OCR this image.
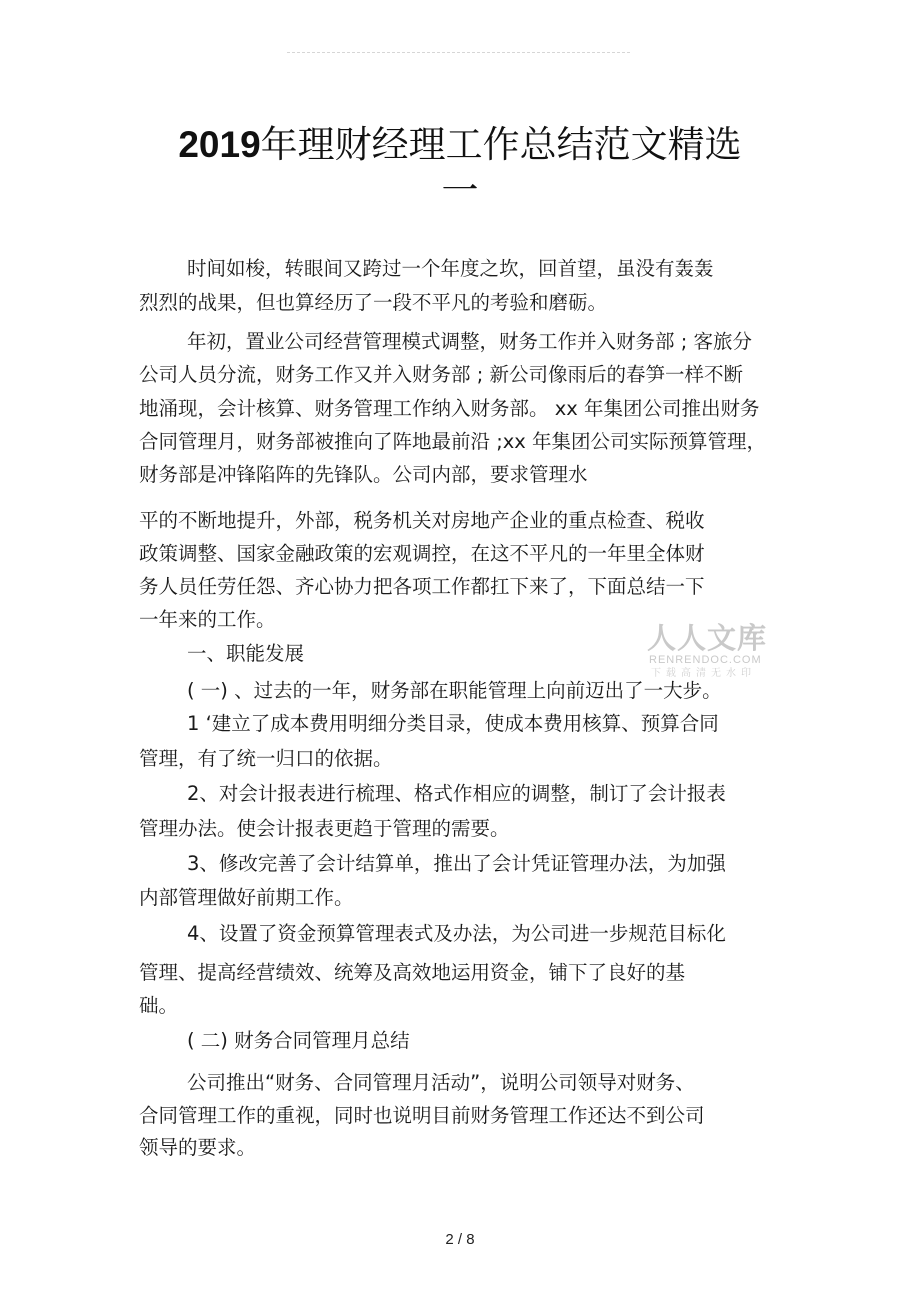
2019年理财经理工作总结范文精选
一
时间如梭，转眼间又跨过一个年度之坎，回首望，虽没有轰轰
烈烈的战果，但也算经历了一段不平凡的考验和磨砺。
年初，置业公司经营管理模式调整，财务工作并入财务部 ; 客旅分
公司人员分流，财务工作又并入财务部 ; 新公司像雨后的春笋一样不断
地涌现，会计核算、财务管理工作纳入财务部。 xx 年集团公司推出财务
合同管理月，财务部被推向了阵地最前沿 ;xx 年集团公司实际预算管理，
财务部是冲锋陷阵的先锋队。公司内部，要求管理水
平的不断地提升，外部，税务机关对房地产企业的重点检查、税收
政策调整、国家金融政策的宏观调控，在这不平凡的一年里全体财
务人员任劳任怨、齐心协力把各项工作都扛下来了，下面总结一下
一年来的工作。
一、职能发展
( 一) 、过去的一年，财务部在职能管理上向前迈出了一大步。
1 ‘建立了成本费用明细分类目录，使成本费用核算、预算合同
管理，有了统一归口的依据。
2、对会计报表进行梳理、格式作相应的调整，制订了会计报表
管理办法。使会计报表更趋于管理的需要。
3、修改完善了会计结算单，推出了会计凭证管理办法，为加强
内部管理做好前期工作。
4、设置了资金预算管理表式及办法，为公司进一步规范目标化
管理、提高经营绩效、统筹及高效地运用资金，铺下了良好的基
础。
( 二) 财务合同管理月总结
公司推出“财务、合同管理月活动”，说明公司领导对财务、
合同管理工作的重视，同时也说明目前财务管理工作还达不到公司
领导的要求。
人人文库
RENRENDOC.COM
下载高清无水印
2 / 8
